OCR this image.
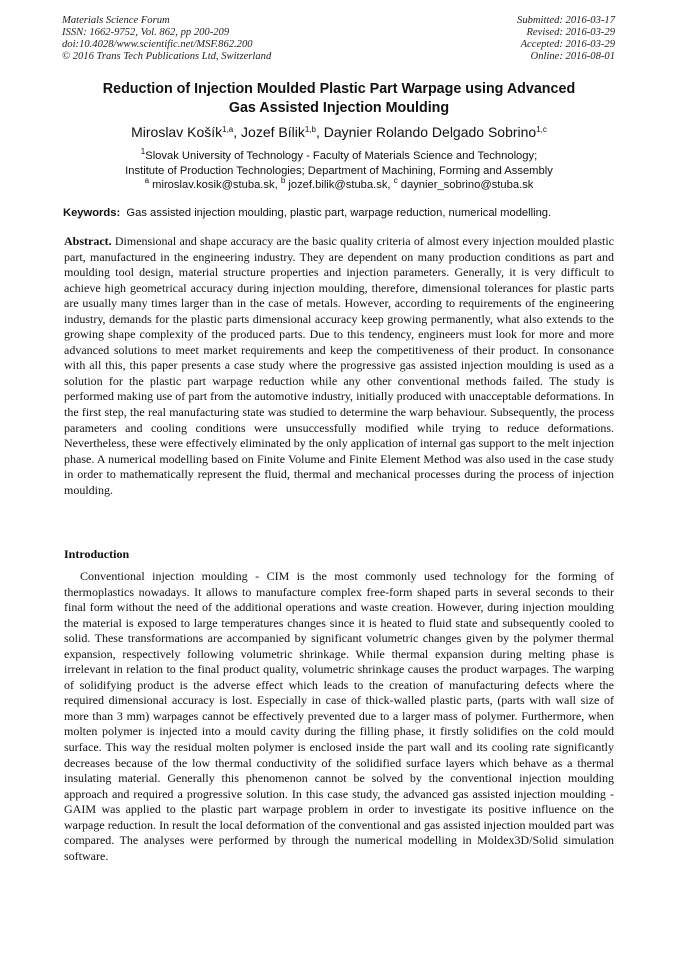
Materials Science Forum
ISSN: 1662-9752, Vol. 862, pp 200-209
doi:10.4028/www.scientific.net/MSF.862.200
© 2016 Trans Tech Publications Ltd, Switzerland
Submitted: 2016-03-17
Revised: 2016-03-29
Accepted: 2016-03-29
Online: 2016-08-01
Reduction of Injection Moulded Plastic Part Warpage using Advanced
Gas Assisted Injection Moulding
Miroslav Košík$^{1,a}$, Jozef Bílik$^{1,b}$, Daynier Rolando Delgado Sobrino$^{1,c}$
$^1$Slovak University of Technology - Faculty of Materials Science and Technology;
Institute of Production Technologies; Department of Machining, Forming and Assembly
$^a$ miroslav.kosik@stuba.sk, $^b$ jozef.bilik@stuba.sk, $^c$ daynier_sobrino@stuba.sk
Keywords: Gas assisted injection moulding, plastic part, warpage reduction, numerical modelling.

Abstract. Dimensional and shape accuracy are the basic quality criteria of almost every injection moulded plastic part, manufactured in the engineering industry. They are dependent on many production conditions as part and moulding tool design, material structure properties and injection parameters. Generally, it is very difficult to achieve high geometrical accuracy during injection moulding, therefore, dimensional tolerances for plastic parts are usually many times larger than in the case of metals. However, according to requirements of the engineering industry, demands for the plastic parts dimensional accuracy keep growing permanently, what also extends to the growing shape complexity of the produced parts. Due to this tendency, engineers must look for more and more advanced solutions to meet market requirements and keep the competitiveness of their product. In consonance with all this, this paper presents a case study where the progressive gas assisted injection moulding is used as a solution for the plastic part warpage reduction while any other conventional methods failed. The study is performed making use of part from the automotive industry, initially produced with unacceptable deformations. In the first step, the real manufacturing state was studied to determine the warp behaviour. Subsequently, the process parameters and cooling conditions were unsuccessfully modified while trying to reduce deformations. Nevertheless, these were effectively eliminated by the only application of internal gas support to the melt injection phase. A numerical modelling based on Finite Volume and Finite Element Method was also used in the case study in order to mathematically represent the fluid, thermal and mechanical processes during the process of injection moulding.

Introduction

Conventional injection moulding - CIM is the most commonly used technology for the forming of thermoplastics nowadays. It allows to manufacture complex free-form shaped parts in several seconds to their final form without the need of the additional operations and waste creation. However, during injection moulding the material is exposed to large temperatures changes since it is heated to fluid state and subsequently cooled to solid. These transformations are accompanied by significant volumetric changes given by the polymer thermal expansion, respectively following volumetric shrinkage. While thermal expansion during melting phase is irrelevant in relation to the final product quality, volumetric shrinkage causes the product warpages. The warping of solidifying product is the adverse effect which leads to the creation of manufacturing defects where the required dimensional accuracy is lost. Especially in case of thick-walled plastic parts, (parts with wall size of more than 3 mm) warpages cannot be effectively prevented due to a larger mass of polymer. Furthermore, when molten polymer is injected into a mould cavity during the filling phase, it firstly solidifies on the cold mould surface. This way the residual molten polymer is enclosed inside the part wall and its cooling rate significantly decreases because of the low thermal conductivity of the solidified surface layers which behave as a thermal insulating material. Generally this phenomenon cannot be solved by the conventional injection moulding approach and required a progressive solution. In this case study, the advanced gas assisted injection moulding - GAIM was applied to the plastic part warpage problem in order to investigate its positive influence on the warpage reduction. In result the local deformation of the conventional and gas assisted injection moulded part was compared. The analyses were performed by through the numerical modelling in Moldex3D/Solid simulation software.
